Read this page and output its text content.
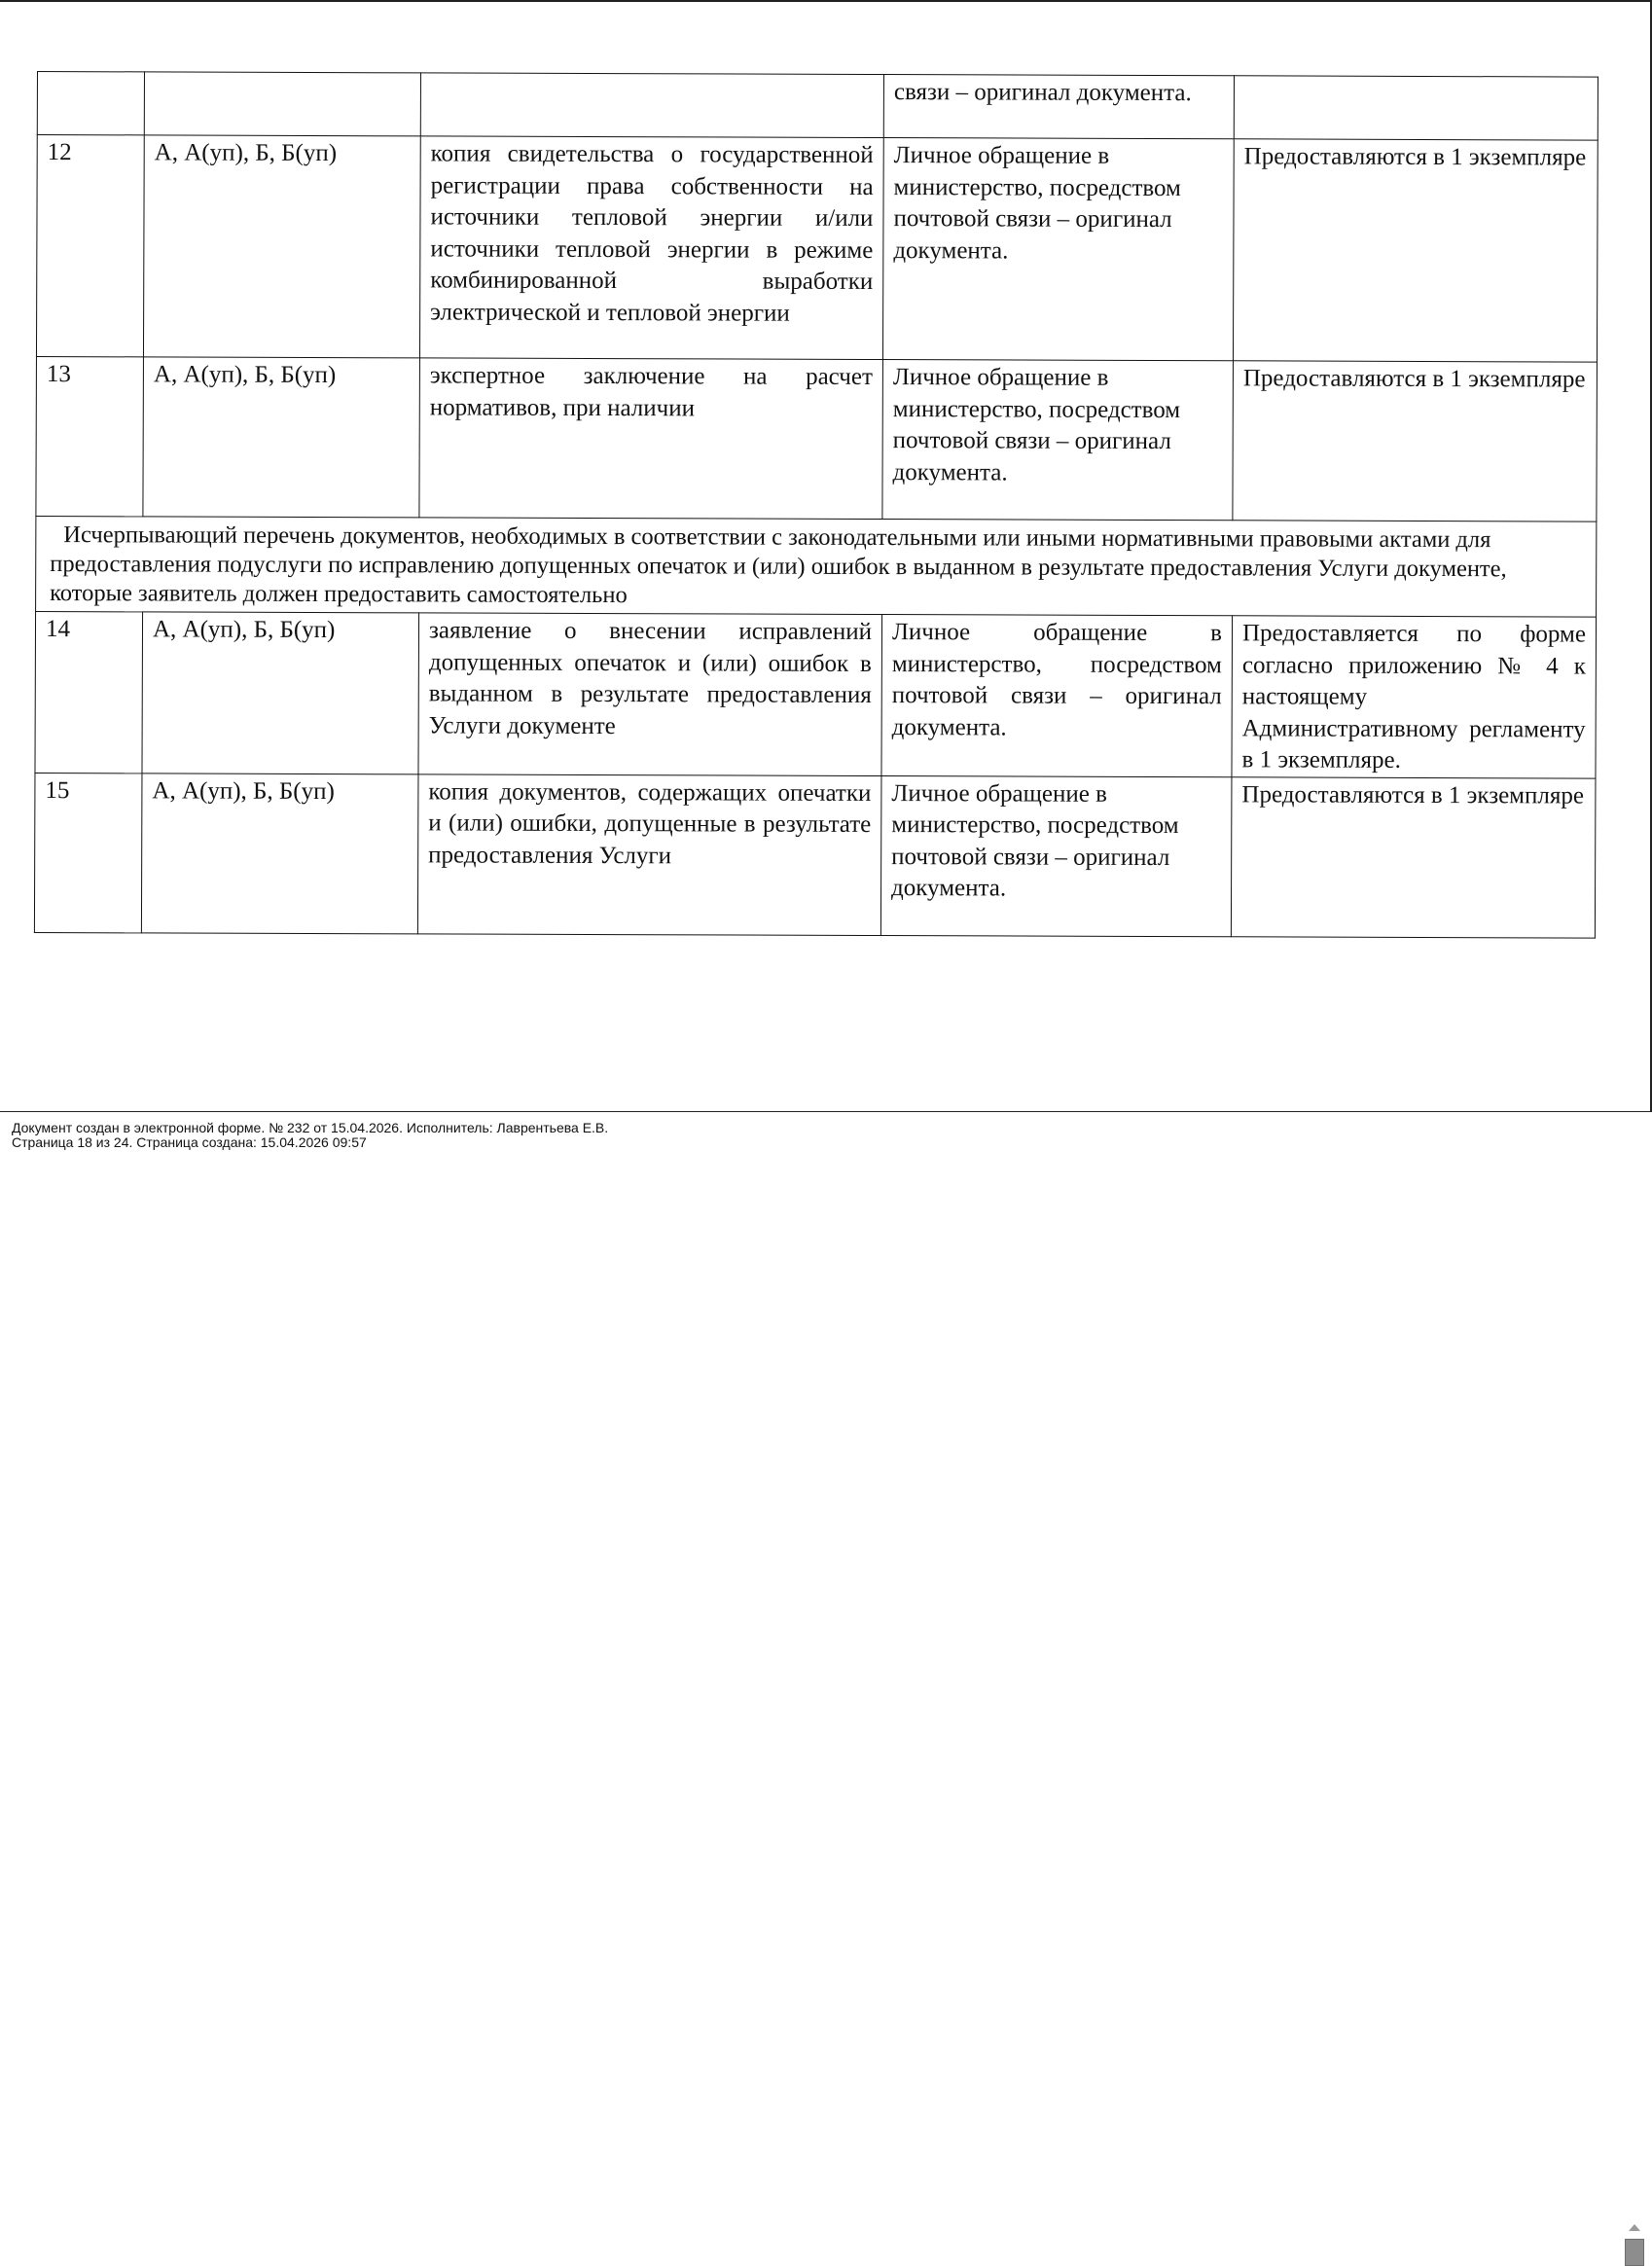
			связи – оригинал документа.	
12	А, А(уп), Б, Б(уп)	копия свидетельства о государственной регистрации права собственности на источники тепловой энергии и/или источники тепловой энергии в режиме комбинированной выработки электрической и тепловой энергии	Личное обращение в министерство, посредством почтовой связи – оригинал документа.	Предоставляются в 1 экземпляре
13	А, А(уп), Б, Б(уп)	экспертное заключение на расчет нормативов, при наличии	Личное обращение в министерство, посредством почтовой связи – оригинал документа.	Предоставляются в 1 экземпляре

Исчерпывающий перечень документов, необходимых в соответствии с законодательными или иными нормативными правовыми актами для предоставления подуслуги по исправлению допущенных опечаток и (или) ошибок в выданном в результате предоставления Услуги документе, которые заявитель должен предоставить самостоятельно				

14	А, А(уп), Б, Б(уп)	заявление о внесении исправлений допущенных опечаток и (или) ошибок в выданном в результате предоставления Услуги документе	Личное обращение в министерство, посредством почтовой связи – оригинал документа.	Предоставляется по форме согласно приложению № 4 к настоящему Административному регламенту в 1 экземпляре.
15	А, А(уп), Б, Б(уп)	копия документов, содержащих опечатки и (или) ошибки, допущенные в результате предоставления Услуги	Личное обращение в министерство, посредством почтовой связи – оригинал документа.	Предоставляются в 1 экземпляре
Документ создан в электронной форме. № 232 от 15.04.2026. Исполнитель: Лаврентьева Е.В.
Страница 18 из 24. Страница создана: 15.04.2026 09:57
